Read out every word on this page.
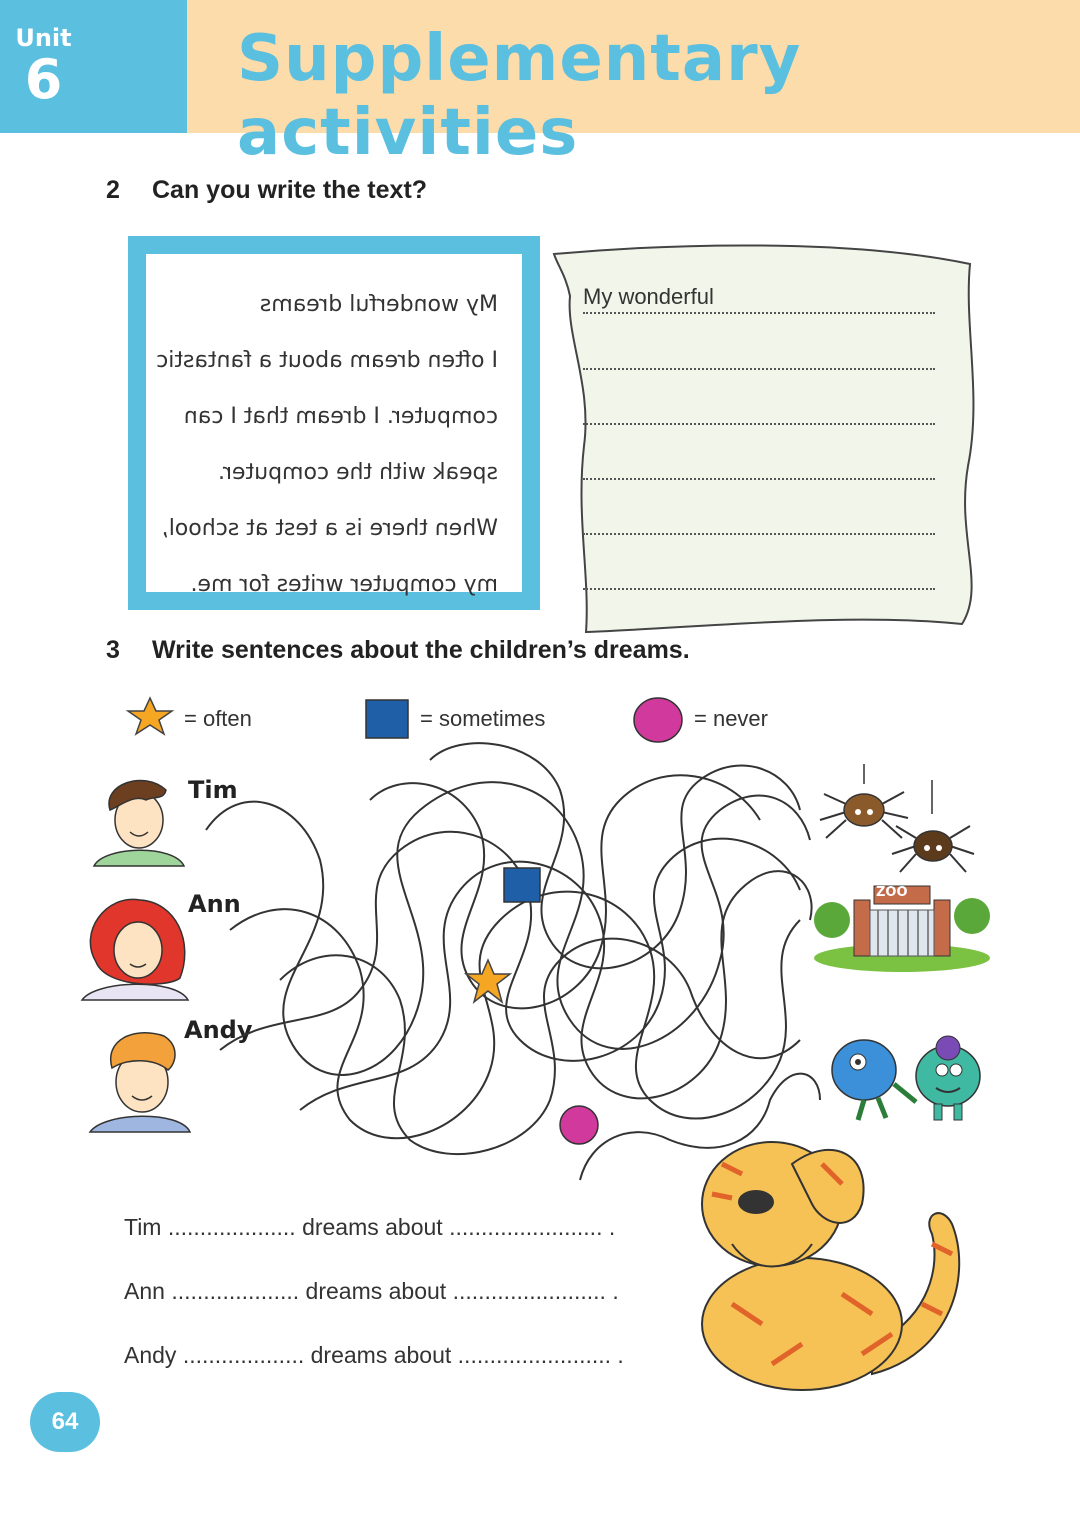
Unit
6	Supplementary activities
2 Can you write the text?
My wonderful dreams
I often dream about a fantastic
computer. I dream that I can
speak with the computer.
When there is a test at school,
my computer writes for me.
My wonderful
3 Write sentences about the children’s dreams.
= often	= sometimes	= never
Tim
Ann
Andy
ZOO
Tim .................... dreams about ........................ .
Ann .................... dreams about ........................ .
Andy ................... dreams about ........................ .
64
